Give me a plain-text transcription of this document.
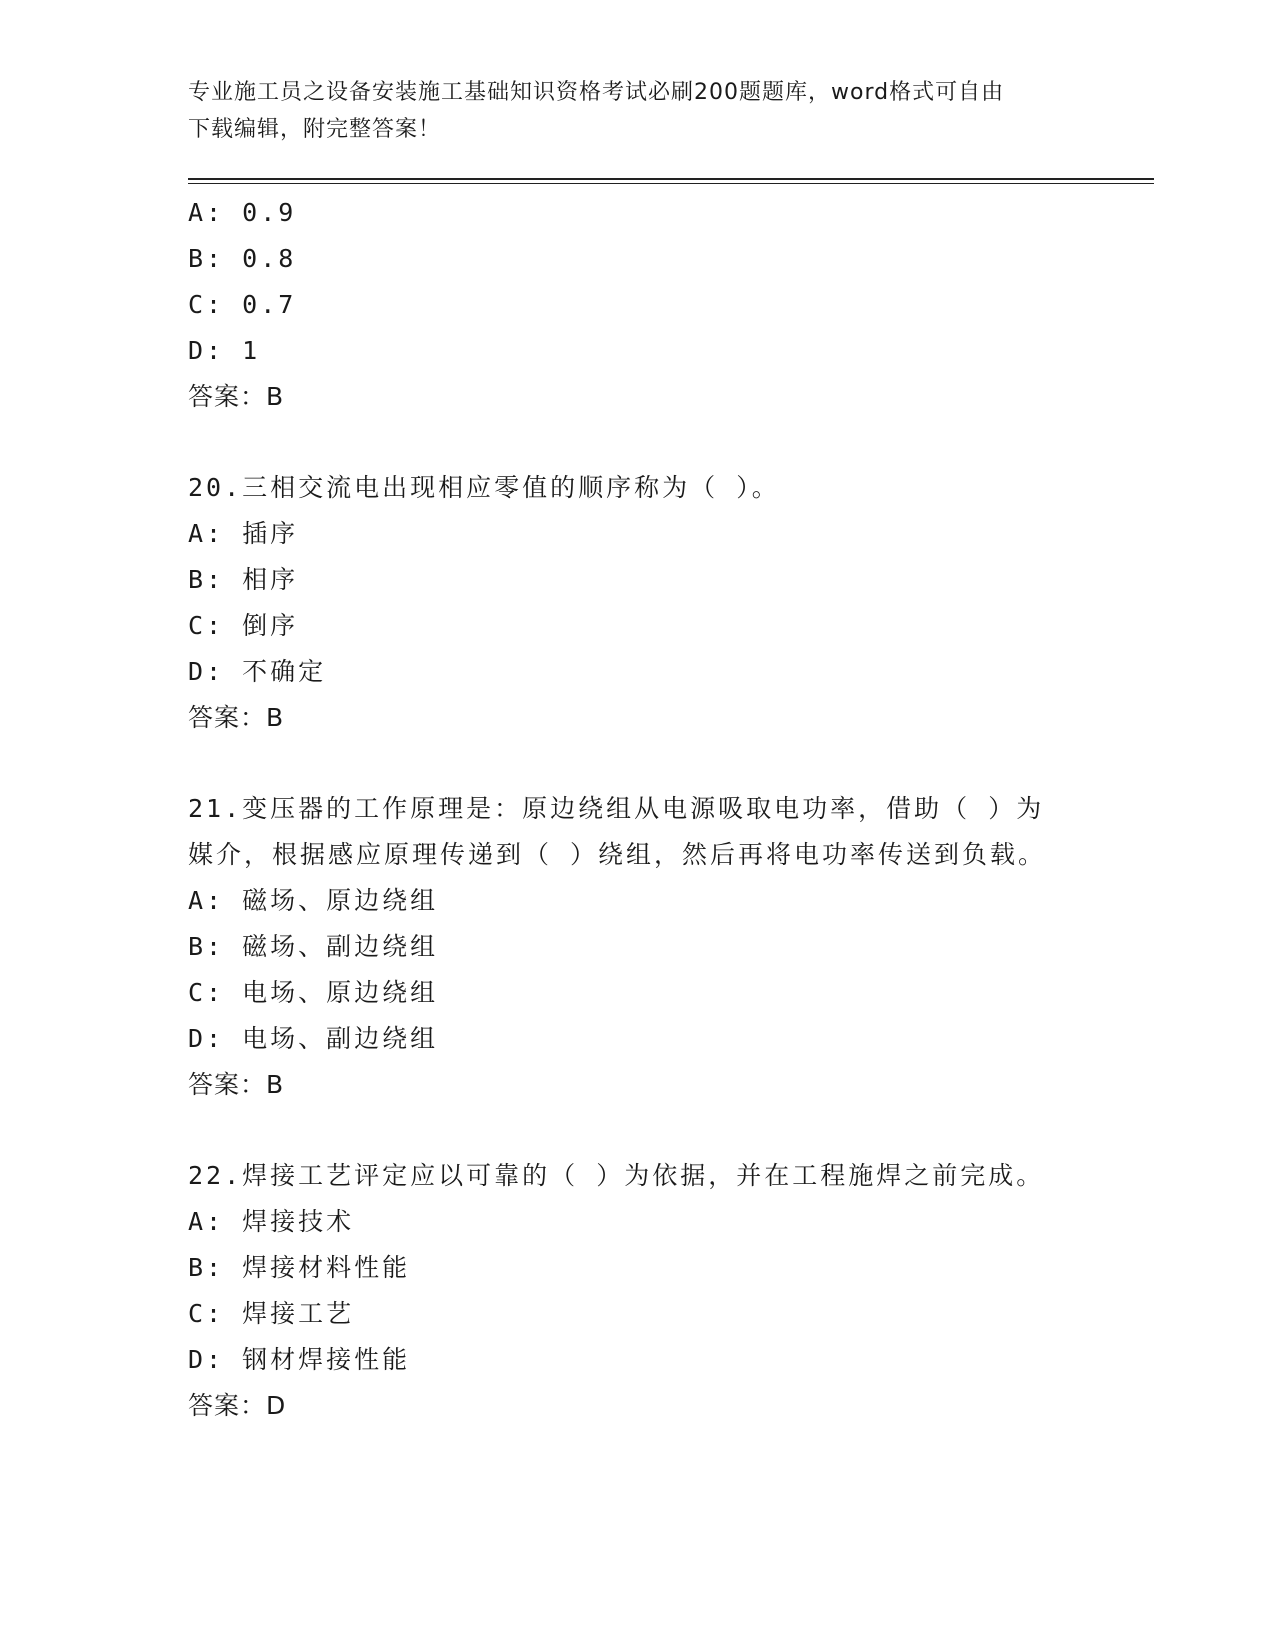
专业施工员之设备安装施工基础知识资格考试必刷200题题库，word格式可自由
下载编辑，附完整答案！
A: 0.9
B: 0.8
C: 0.7
D: 1
答案：B
20.三相交流电出现相应零值的顺序称为（ ）。
A: 插序
B: 相序
C: 倒序
D: 不确定
答案：B
21.变压器的工作原理是：原边绕组从电源吸取电功率，借助（ ）为
媒介，根据感应原理传递到（ ）绕组，然后再将电功率传送到负载。
A: 磁场、原边绕组
B: 磁场、副边绕组
C: 电场、原边绕组
D: 电场、副边绕组
答案：B
22.焊接工艺评定应以可靠的（ ）为依据，并在工程施焊之前完成。
A: 焊接技术
B: 焊接材料性能
C: 焊接工艺
D: 钢材焊接性能
答案：D
